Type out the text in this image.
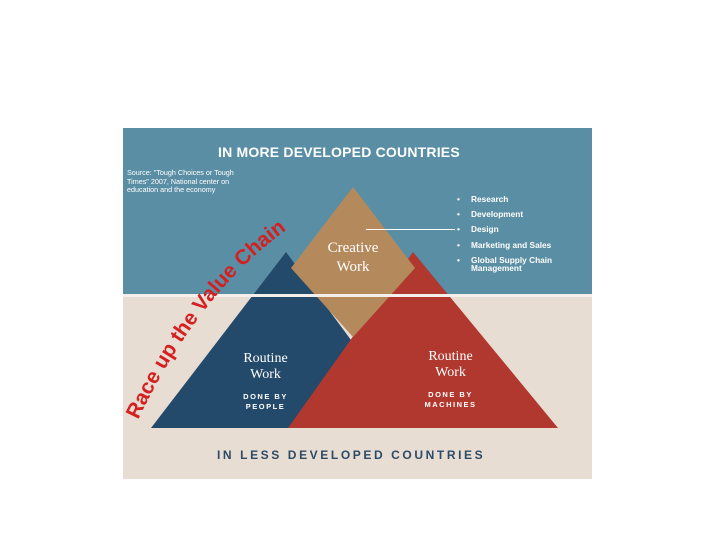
IN MORE DEVELOPED COUNTRIES
Source: "Tough Choices or Tough
Times" 2007, National center on
education and the economy
Creative
Work
Routine
Work
DONE BY
PEOPLE
Routine
Work
DONE BY
MACHINES
• Research
• Development
• Design
• Marketing and Sales
• Global Supply Chain
Management
IN LESS DEVELOPED COUNTRIES
Race up the Value Chain
